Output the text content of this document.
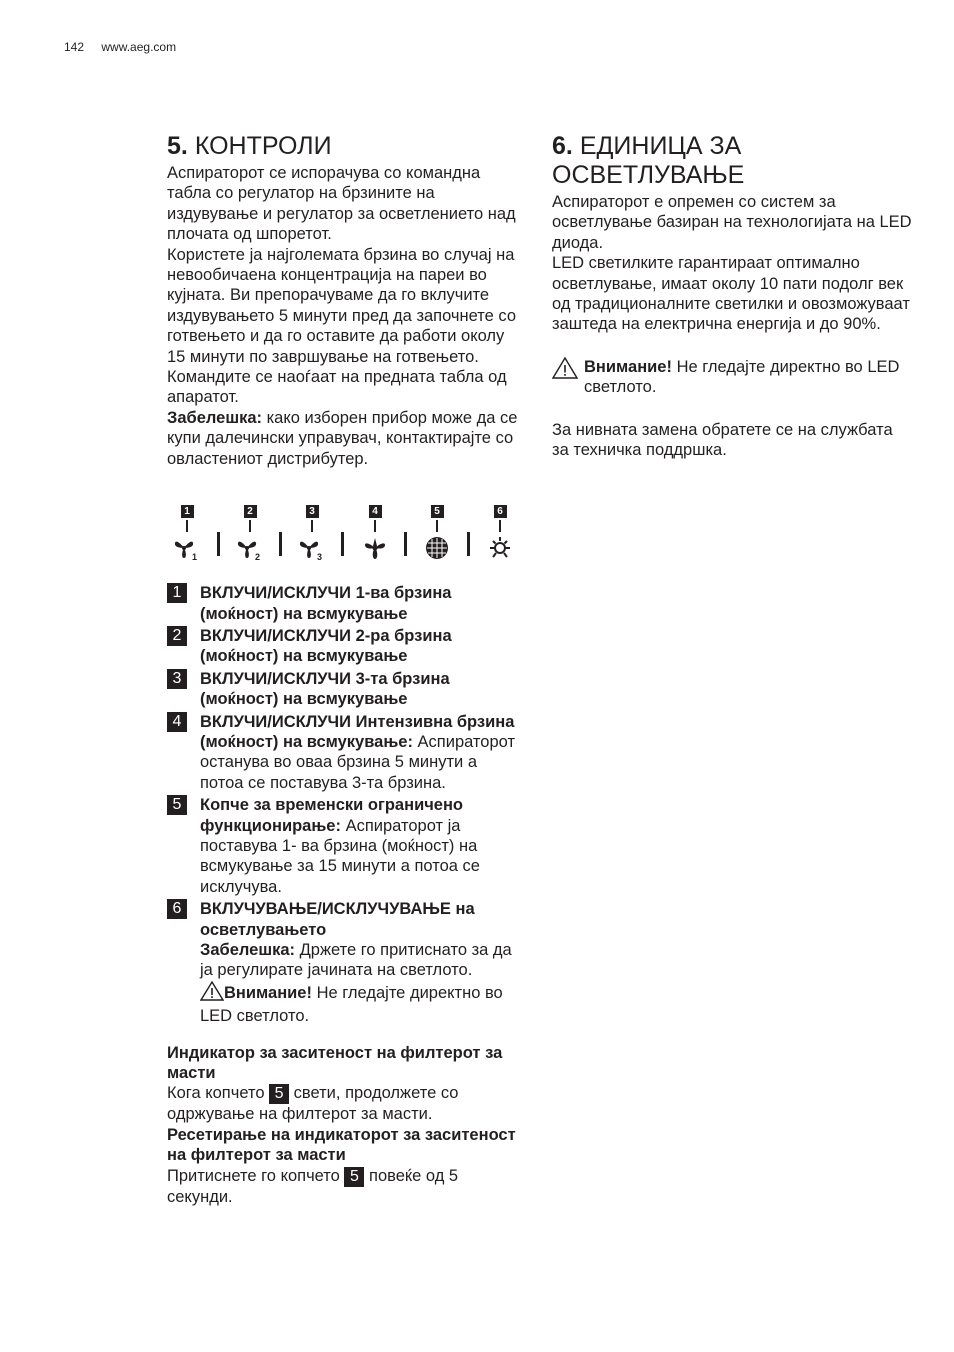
142 www.aeg.com
5. КОНТРОЛИ

Аспираторот се испорачува со командна табла со регулатор на брзините на издувување и регулатор за осветлението над плочата од шпоретот.

Користете ја најголемата брзина во случај на невообичаена концентрација на пареи во кујната. Ви препорачуваме да го вклучите издувувањето 5 минути пред да започнете со готвењето и да го оставите да работи околу 15 минути по завршување на готвењето.

Командите се наоѓаат на предната табла од апаратот.

Забелешка: како изборен прибор може да се купи далечински управувач, контактирајте со овластениот дистрибутер.

1
1
2
2
3
3
4	5	6
1	ВКЛУЧИ/ИСКЛУЧИ 1-ва брзина (моќност) на всмукување
2	ВКЛУЧИ/ИСКЛУЧИ 2-ра брзина (моќност) на всмукување
3	ВКЛУЧИ/ИСКЛУЧИ 3-та брзина (моќност) на всмукување
4	ВКЛУЧИ/ИСКЛУЧИ Интензивна брзина (моќност) на всмукување: Аспираторот останува во оваа брзина 5 минути а потоа се поставува 3-та брзина.
5	Копче за временски ограничено функционирање: Аспираторот ја поставува 1- ва брзина (моќност) на всмукување за 15 минути а потоа се исклучува.
6	ВКЛУЧУВАЊЕ/ИСКЛУЧУВАЊЕ на осветлувањето
Забелешка: Држете го притиснато за да ја регулирате јачината на светлото.
Внимание! Не гледајте директно во LED светлото.

Индикатор за заситеност на филтерот за масти

Кога копчето 5 свети, продолжете со одржување на филтерот за масти.

Ресетирање на индикаторот за заситеност на филтерот за масти

Притиснете го копчето 5 повеќе од 5 секунди.

6. ЕДИНИЦА ЗА ОСВЕТЛУВАЊЕ

Аспираторот е опремен со систем за осветлување базиран на технологијата на LED диода.

LED светилките гарантираат оптимално осветлување, имаат околу 10 пати подолг век од традиционалните светилки и овозможуваат заштеда на електрична енергија и до 90%.

Внимание! Не гледајте директно во LED светлото.

За нивната замена обратете се на службата за техничка поддршка.
